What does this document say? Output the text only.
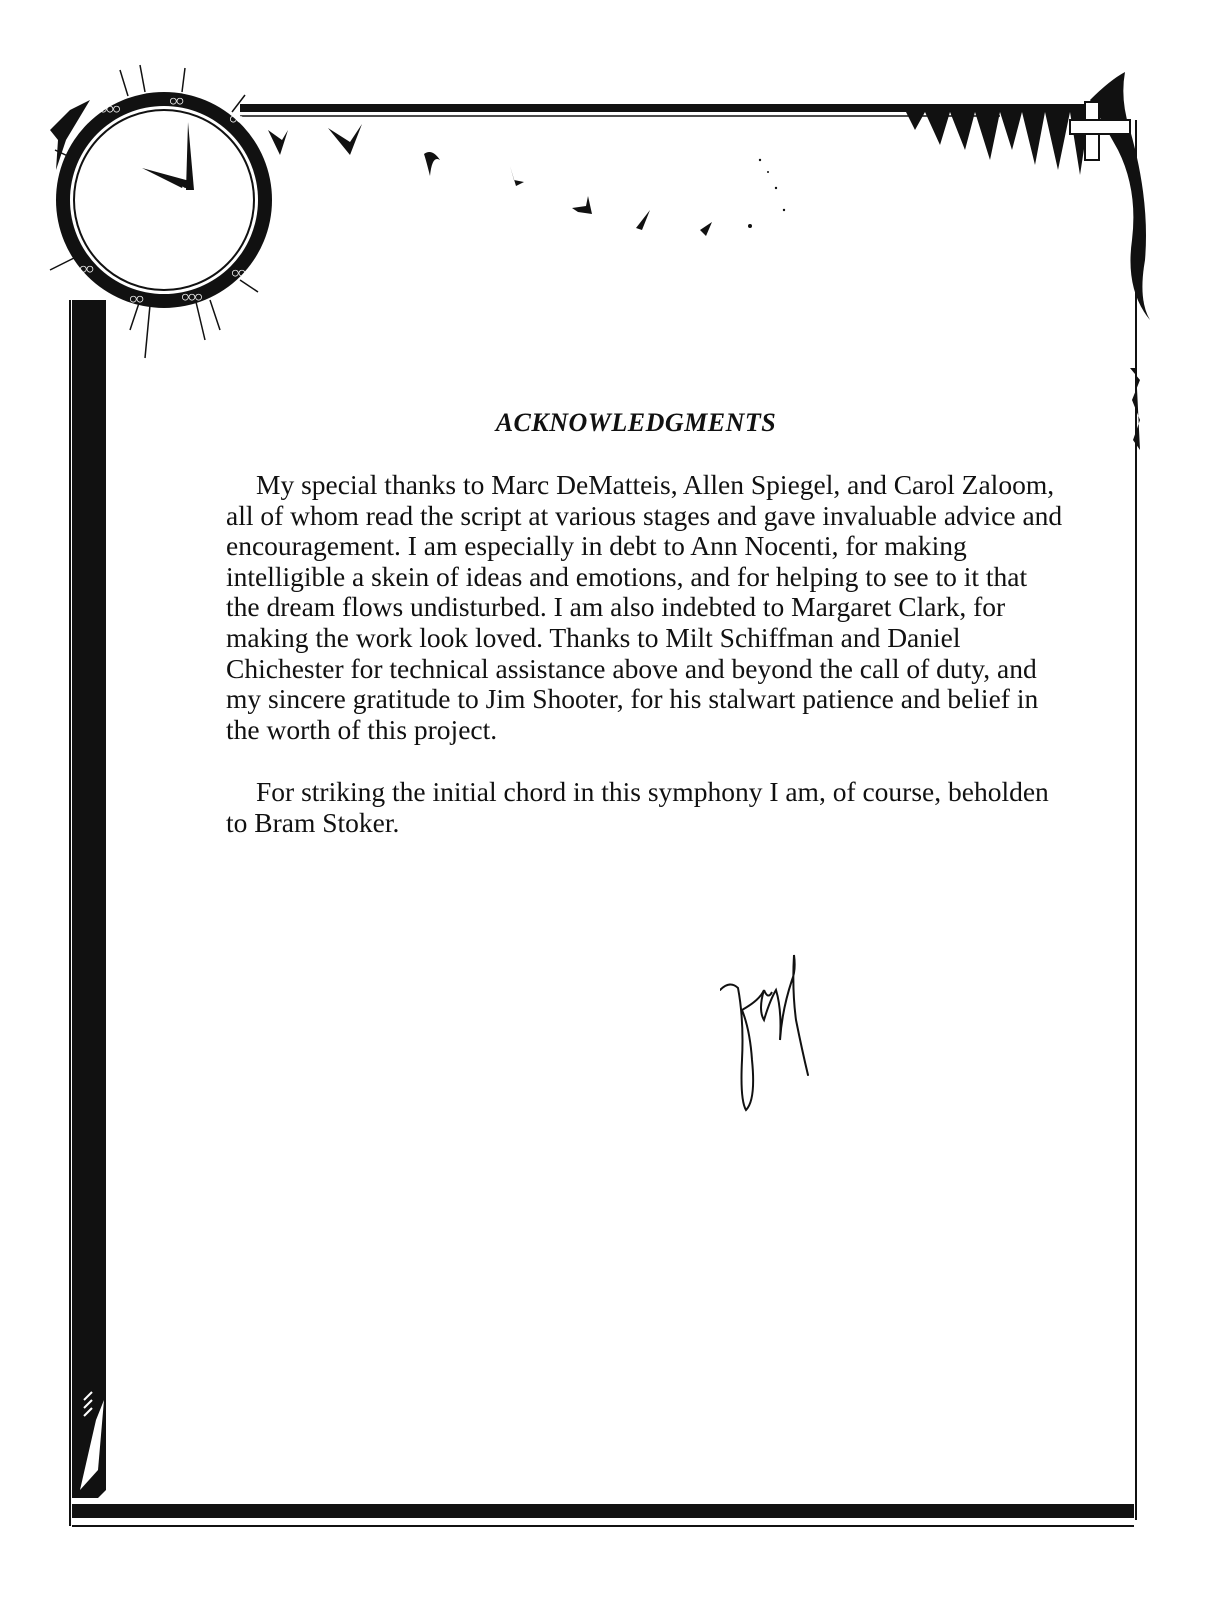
○○○
○○
○○
○○	○○○
○○	○○
ACKNOWLEDGMENTS

My special thanks to Marc DeMatteis, Allen Spiegel, and Carol Zaloom, all of whom read the script at various stages and gave invaluable advice and encouragement. I am especially in debt to Ann Nocenti, for making intelligible a skein of ideas and emotions, and for helping to see to it that the dream flows undisturbed. I am also indebted to Margaret Clark, for making the work look loved. Thanks to Milt Schiffman and Daniel Chichester for technical assistance above and beyond the call of duty, and my sincere gratitude to Jim Shooter, for his stalwart patience and belief in the worth of this project.

For striking the initial chord in this symphony I am, of course, beholden to Bram Stoker.
